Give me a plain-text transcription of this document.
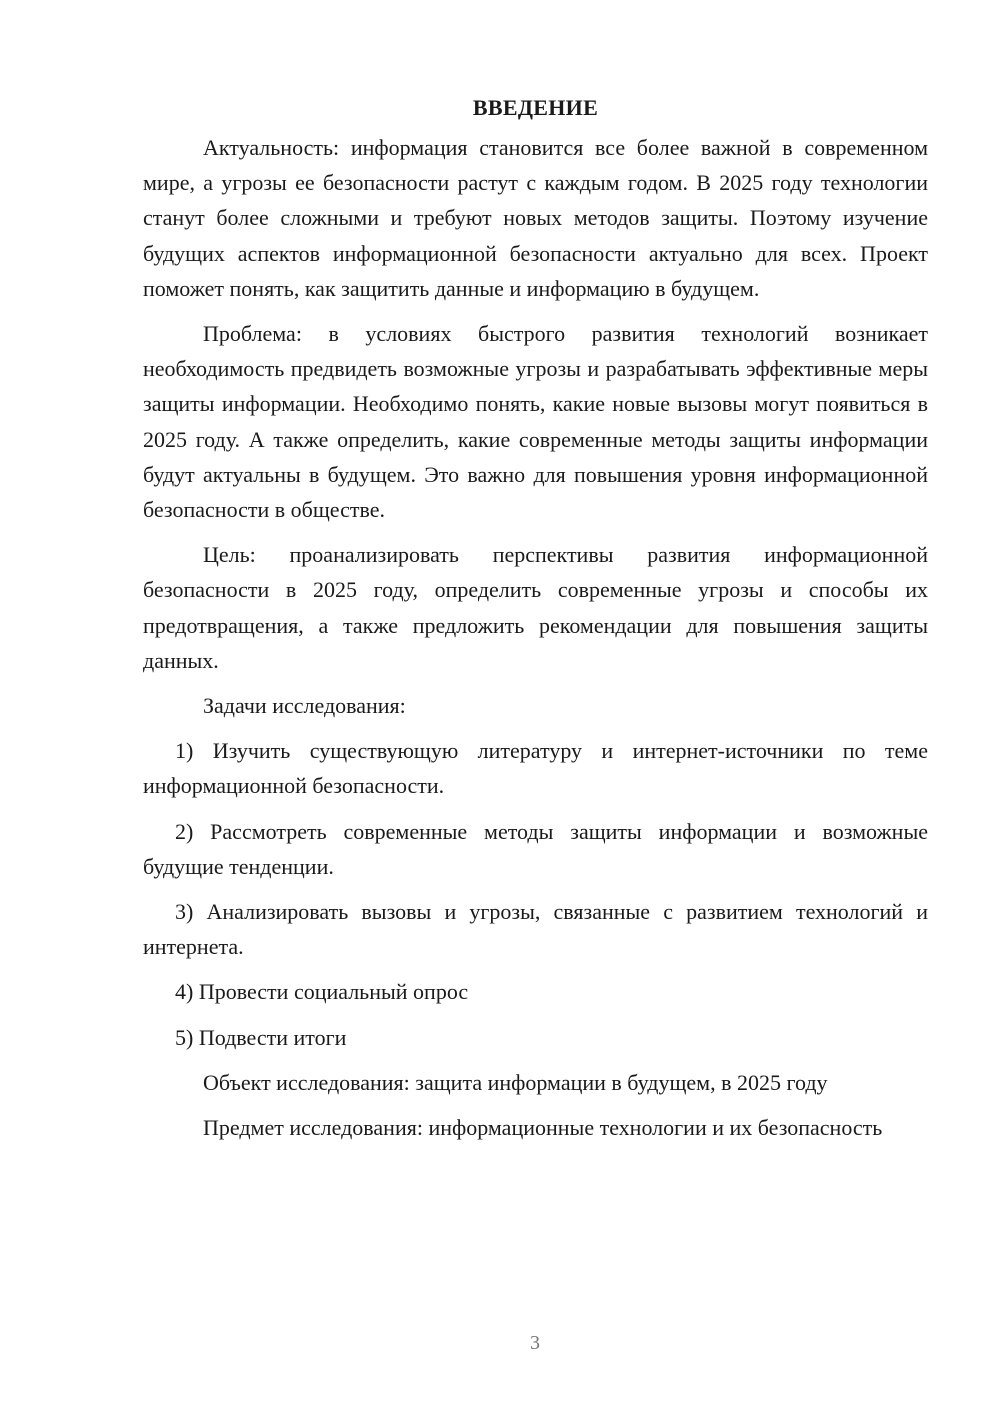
ВВЕДЕНИЕ

Актуальность: информация становится все более важной в современном мире, а угрозы ее безопасности растут с каждым годом. В 2025 году технологии станут более сложными и требуют новых методов защиты. Поэтому изучение будущих аспектов информационной безопасности актуально для всех. Проект поможет понять, как защитить данные и информацию в будущем.

Проблема: в условиях быстрого развития технологий возникает необходимость предвидеть возможные угрозы и разрабатывать эффективные меры защиты информации. Необходимо понять, какие новые вызовы могут появиться в 2025 году. А также определить, какие современные методы защиты информации будут актуальны в будущем. Это важно для повышения уровня информационной безопасности в обществе.

Цель: проанализировать перспективы развития информационной безопасности в 2025 году, определить современные угрозы и способы их предотвращения, а также предложить рекомендации для повышения защиты данных.

Задачи исследования:

1) Изучить существующую литературу и интернет-источники по теме информационной безопасности.

2) Рассмотреть современные методы защиты информации и возможные будущие тенденции.

3) Анализировать вызовы и угрозы, связанные с развитием технологий и интернета.

4) Провести социальный опрос

5) Подвести итоги

Объект исследования: защита информации в будущем, в 2025 году

Предмет исследования: информационные технологии и их безопасность

3
